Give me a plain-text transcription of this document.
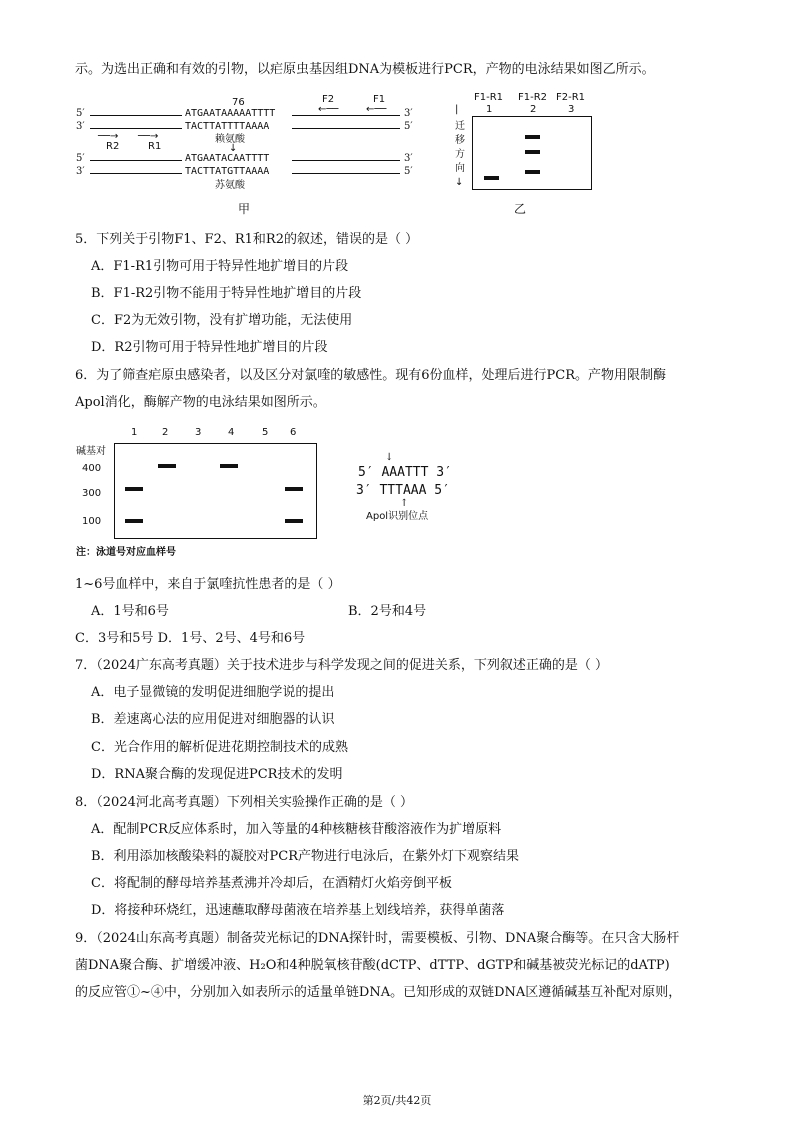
示。为选出正确和有效的引物，以疟原虫基因组DNA为模板进行PCR，产物的电泳结果如图乙所示。
76	F2	F1
←──	←──
5′	ATGAATAAAAATTTT	3′
3′	TACTTATTTTAAAA	5′
──→ ──→
R2	R1
赖氨酸
↓
5′	ATGAATACAATTTT	3′
3′	TACTTATGTTAAAA	5′
苏氨酸
甲
F1-R1 F1-R2 F2-R1
1	2	3
|
迁
移
方
向
↓
乙
5．下列关于引物F1、F2、R1和R2的叙述，错误的是（ ）
A．F1-R1引物可用于特异性地扩增目的片段
B．F1-R2引物不能用于特异性地扩增目的片段
C．F2为无效引物，没有扩增功能，无法使用
D．R2引物可用于特异性地扩增目的片段
6．为了筛查疟原虫感染者，以及区分对氯喹的敏感性。现有6份血样，处理后进行PCR。产物用限制酶
Apol消化，酶解产物的电泳结果如图所示。
1 2	3	4	5 6
碱基对
400
300
100
注：泳道号对应血样号
↓
5′ AAATTT 3′
3′ TTTAAA 5′
↑
Apol识别位点
1~6号血样中，来自于氯喹抗性患者的是（ ）
A．1号和6号	B．2号和4号
C．3号和5号 D．1号、2号、4号和6号
7．（2024广东高考真题）关于技术进步与科学发现之间的促进关系，下列叙述正确的是（ ）
A．电子显微镜的发明促进细胞学说的提出
B．差速离心法的应用促进对细胞器的认识
C．光合作用的解析促进花期控制技术的成熟
D．RNA聚合酶的发现促进PCR技术的发明
8．（2024河北高考真题）下列相关实验操作正确的是（ ）
A．配制PCR反应体系时，加入等量的4种核糖核苷酸溶液作为扩增原料
B．利用添加核酸染料的凝胶对PCR产物进行电泳后，在紫外灯下观察结果
C．将配制的酵母培养基煮沸并冷却后，在酒精灯火焰旁倒平板
D．将接种环烧红，迅速蘸取酵母菌液在培养基上划线培养，获得单菌落
9．（2024山东高考真题）制备荧光标记的DNA探针时，需要模板、引物、DNA聚合酶等。在只含大肠杆
菌DNA聚合酶、扩增缓冲液、H₂O和4种脱氧核苷酸(dCTP、dTTP、dGTP和碱基被荧光标记的dATP)
的反应管①~④中，分别加入如表所示的适量单链DNA。已知形成的双链DNA区遵循碱基互补配对原则，
第2页/共42页
